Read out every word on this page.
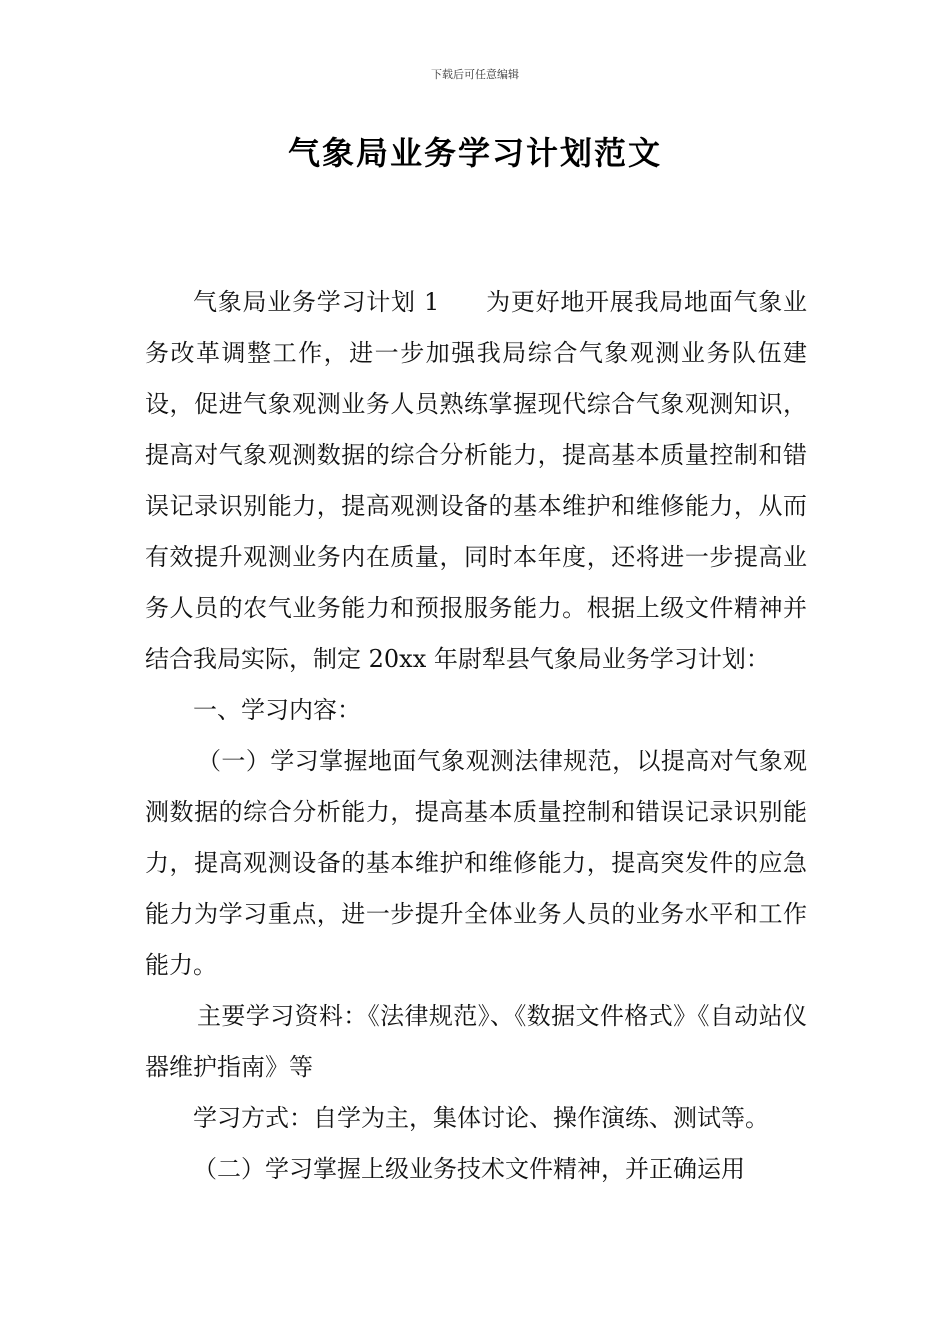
下载后可任意编辑
气象局业务学习计划范文

气象局业务学习计划 1 为更好地开展我局地面气象业务改革调整工作，进一步加强我局综合气象观测业务队伍建设，促进气象观测业务人员熟练掌握现代综合气象观测知识，提高对气象观测数据的综合分析能力，提高基本质量控制和错误记录识别能力，提高观测设备的基本维护和维修能力，从而有效提升观测业务内在质量，同时本年度，还将进一步提高业务人员的农气业务能力和预报服务能力。根据上级文件精神并结合我局实际，制定 20xx 年尉犁县气象局业务学习计划：

一、学习内容：

（一）学习掌握地面气象观测法律规范，以提高对气象观测数据的综合分析能力，提高基本质量控制和错误记录识别能力，提高观测设备的基本维护和维修能力，提高突发件的应急能力为学习重点，进一步提升全体业务人员的业务水平和工作能力。

主要学习资料：《法律规范》、《数据文件格式》《自动站仪器维护指南》等

学习方式：自学为主，集体讨论、操作演练、测试等。

（二）学习掌握上级业务技术文件精神，并正确运用
